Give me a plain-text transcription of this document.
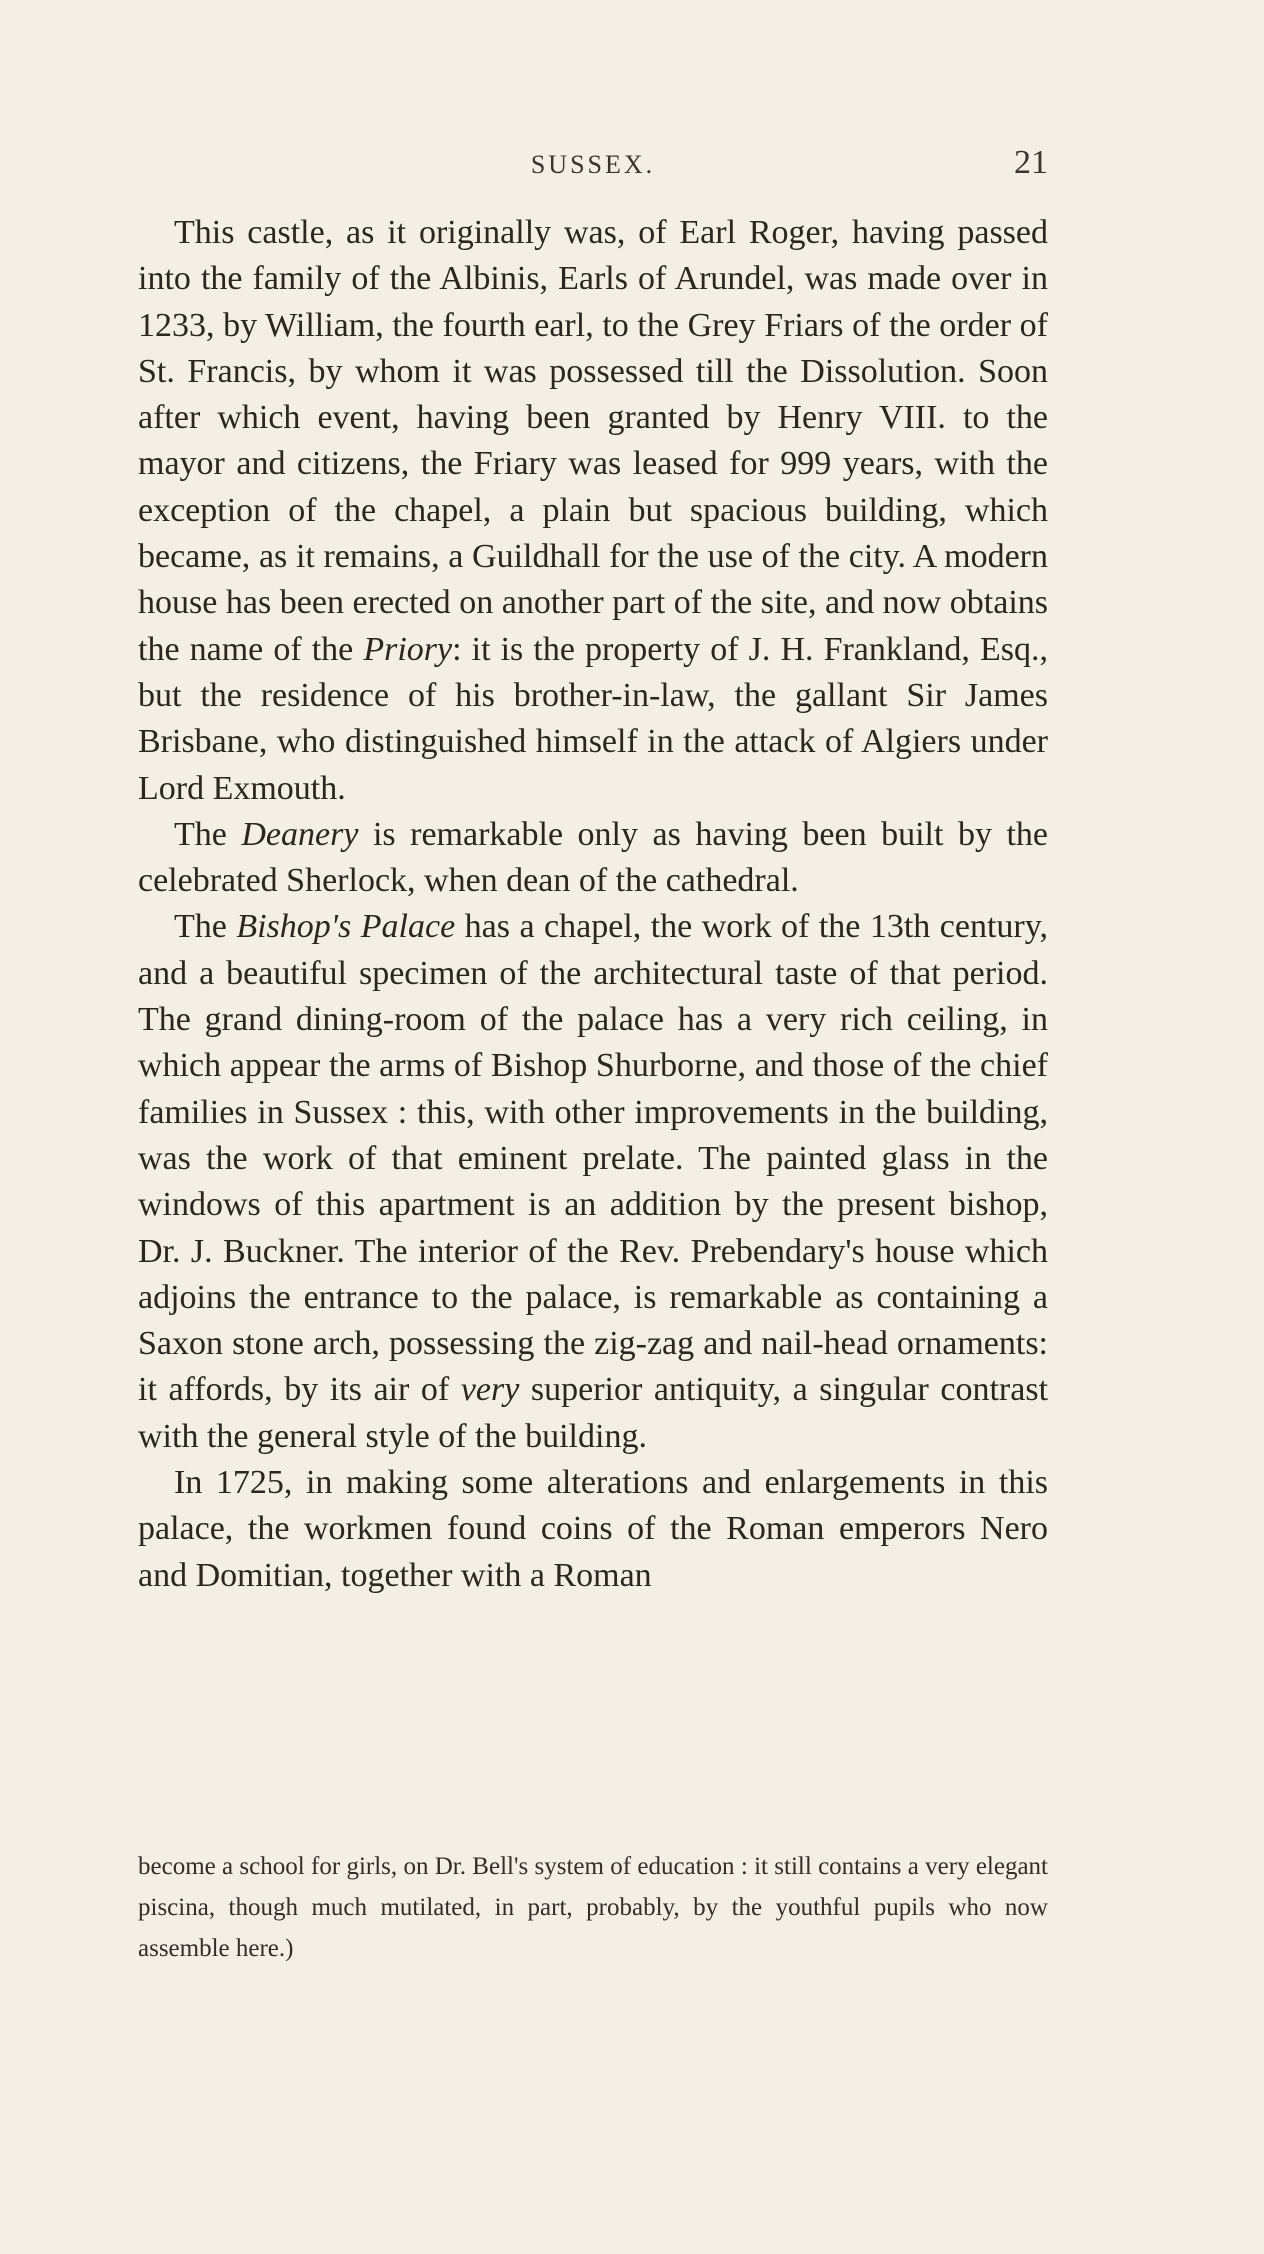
SUSSEX.	21

This castle, as it originally was, of Earl Roger, having passed into the family of the Albinis, Earls of Arundel, was made over in 1233, by William, the fourth earl, to the Grey Friars of the order of St. Francis, by whom it was possessed till the Dissolution. Soon after which event, having been granted by Henry VIII. to the mayor and citizens, the Friary was leased for 999 years, with the exception of the chapel, a plain but spacious building, which became, as it remains, a Guildhall for the use of the city. A modern house has been erected on another part of the site, and now obtains the name of the Priory: it is the property of J. H. Frankland, Esq., but the residence of his brother-in-law, the gallant Sir James Brisbane, who distinguished himself in the attack of Algiers under Lord Exmouth.

The Deanery is remarkable only as having been built by the celebrated Sherlock, when dean of the cathedral.

The Bishop's Palace has a chapel, the work of the 13th century, and a beautiful specimen of the architectural taste of that period. The grand dining-room of the palace has a very rich ceiling, in which appear the arms of Bishop Shurborne, and those of the chief families in Sussex : this, with other improvements in the building, was the work of that eminent prelate. The painted glass in the windows of this apartment is an addition by the present bishop, Dr. J. Buckner. The interior of the Rev. Prebendary's house which adjoins the entrance to the palace, is remarkable as containing a Saxon stone arch, possessing the zig-zag and nail-head ornaments: it affords, by its air of very superior antiquity, a singular contrast with the general style of the building.

In 1725, in making some alterations and enlargements in this palace, the workmen found coins of the Roman emperors Nero and Domitian, together with a Roman

become a school for girls, on Dr. Bell's system of education : it still contains a very elegant piscina, though much mutilated, in part, probably, by the youthful pupils who now assemble here.)
